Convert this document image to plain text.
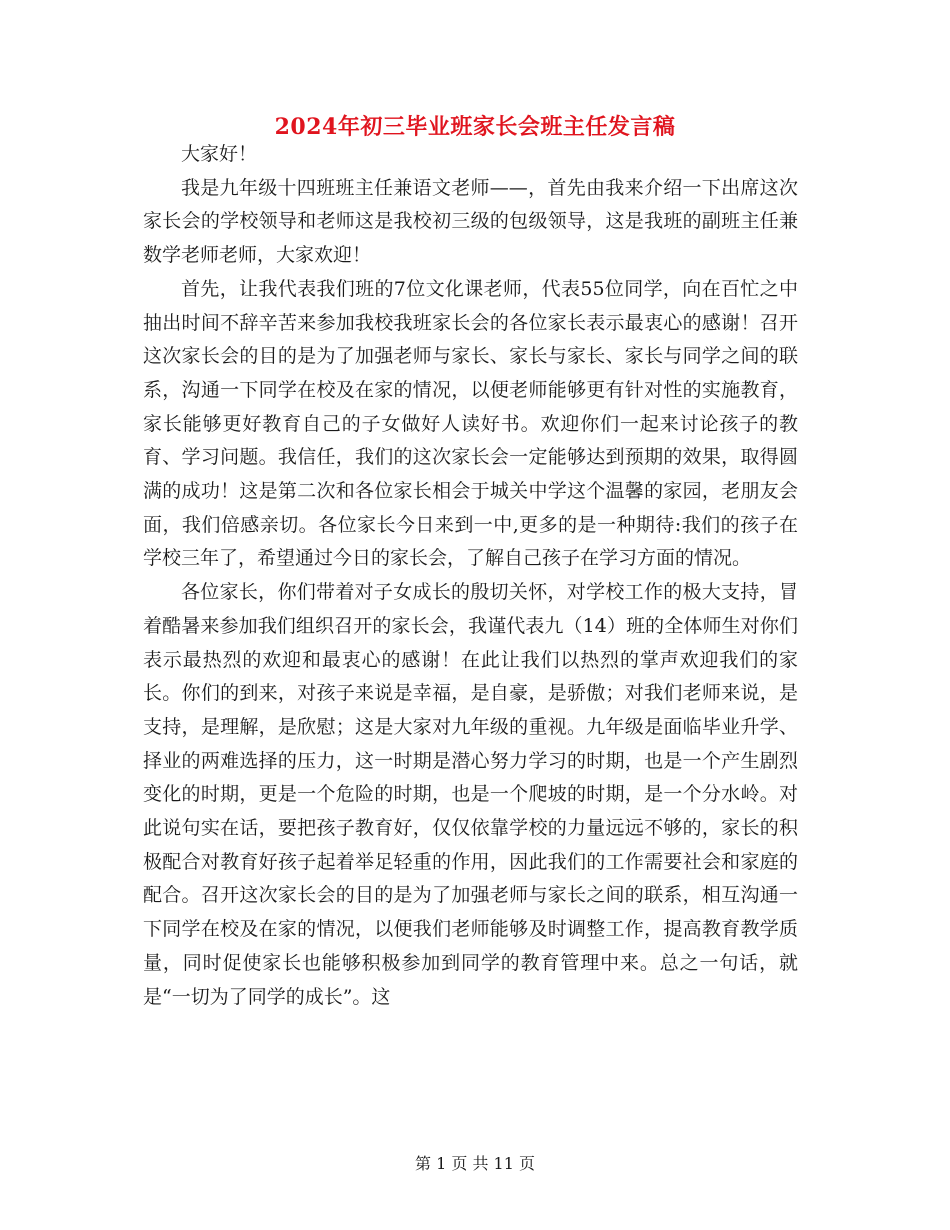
2024年初三毕业班家长会班主任发言稿

大家好！

我是九年级十四班班主任兼语文老师——，首先由我来介绍一下出席这次家长会的学校领导和老师这是我校初三级的包级领导，这是我班的副班主任兼数学老师老师，大家欢迎！

首先，让我代表我们班的7位文化课老师，代表55位同学，向在百忙之中抽出时间不辞辛苦来参加我校我班家长会的各位家长表示最衷心的感谢！召开这次家长会的目的是为了加强老师与家长、家长与家长、家长与同学之间的联系，沟通一下同学在校及在家的情况，以便老师能够更有针对性的实施教育，家长能够更好教育自己的子女做好人读好书。欢迎你们一起来讨论孩子的教育、学习问题。我信任，我们的这次家长会一定能够达到预期的效果，取得圆满的成功！这是第二次和各位家长相会于城关中学这个温馨的家园，老朋友会面，我们倍感亲切。各位家长今日来到一中,更多的是一种期待:我们的孩子在学校三年了，希望通过今日的家长会，了解自己孩子在学习方面的情况。

各位家长，你们带着对子女成长的殷切关怀，对学校工作的极大支持，冒着酷暑来参加我们组织召开的家长会，我谨代表九（14）班的全体师生对你们表示最热烈的欢迎和最衷心的感谢！在此让我们以热烈的掌声欢迎我们的家长。你们的到来，对孩子来说是幸福，是自豪，是骄傲；对我们老师来说，是支持，是理解，是欣慰；这是大家对九年级的重视。九年级是面临毕业升学、择业的两难选择的压力，这一时期是潜心努力学习的时期，也是一个产生剧烈变化的时期，更是一个危险的时期，也是一个爬坡的时期，是一个分水岭。对此说句实在话，要把孩子教育好，仅仅依靠学校的力量远远不够的，家长的积极配合对教育好孩子起着举足轻重的作用，因此我们的工作需要社会和家庭的配合。召开这次家长会的目的是为了加强老师与家长之间的联系，相互沟通一下同学在校及在家的情况，以便我们老师能够及时调整工作，提高教育教学质量，同时促使家长也能够积极参加到同学的教育管理中来。总之一句话，就是“一切为了同学的成长”。这

第 1 页 共 11 页
